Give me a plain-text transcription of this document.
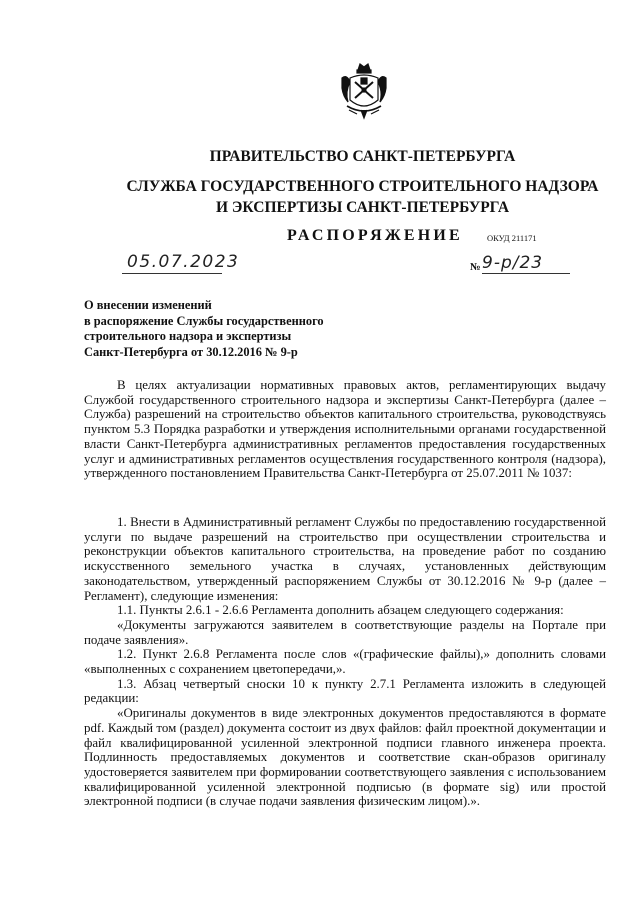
ПРАВИТЕЛЬСТВО САНКТ-ПЕТЕРБУРГА
СЛУЖБА ГОСУДАРСТВЕННОГО СТРОИТЕЛЬНОГО НАДЗОРА
И ЭКСПЕРТИЗЫ САНКТ-ПЕТЕРБУРГА
РАСПОРЯЖЕНИЕ	ОКУД 211171
05.07.2023	№ 9-р/23
О внесении изменений
в распоряжение Службы государственного
строительного надзора и экспертизы
Санкт-Петербурга от 30.12.2016 № 9-р

В целях актуализации нормативных правовых актов, регламентирующих выдачу Службой государственного строительного надзора и экспертизы Санкт-Петербурга (далее – Служба) разрешений на строительство объектов капитального строительства, руководствуясь пунктом 5.3 Порядка разработки и утверждения исполнительными органами государственной власти Санкт-Петербурга административных регламентов предоставления государственных услуг и административных регламентов осуществления государственного контроля (надзора), утвержденного постановлением Правительства Санкт-Петербурга от 25.07.2011 № 1037:

1. Внести в Административный регламент Службы по предоставлению государственной услуги по выдаче разрешений на строительство при осуществлении строительства и реконструкции объектов капитального строительства, на проведение работ по созданию искусственного земельного участка в случаях, установленных действующим законодательством, утвержденный распоряжением Службы от 30.12.2016 № 9-р (далее – Регламент), следующие изменения:

1.1. Пункты 2.6.1 - 2.6.6 Регламента дополнить абзацем следующего содержания:

«Документы загружаются заявителем в соответствующие разделы на Портале при подаче заявления».

1.2. Пункт 2.6.8 Регламента после слов «(графические файлы),» дополнить словами «выполненных с сохранением цветопередачи,».

1.3. Абзац четвертый сноски 10 к пункту 2.7.1 Регламента изложить в следующей редакции:

«Оригиналы документов в виде электронных документов предоставляются в формате pdf. Каждый том (раздел) документа состоит из двух файлов: файл проектной документации и файл квалифицированной усиленной электронной подписи главного инженера проекта. Подлинность предоставляемых документов и соответствие скан-образов оригиналу удостоверяется заявителем при формировании соответствующего заявления с использованием квалифицированной усиленной электронной подписью (в формате sig) или простой электронной подписи (в случае подачи заявления физическим лицом).».
